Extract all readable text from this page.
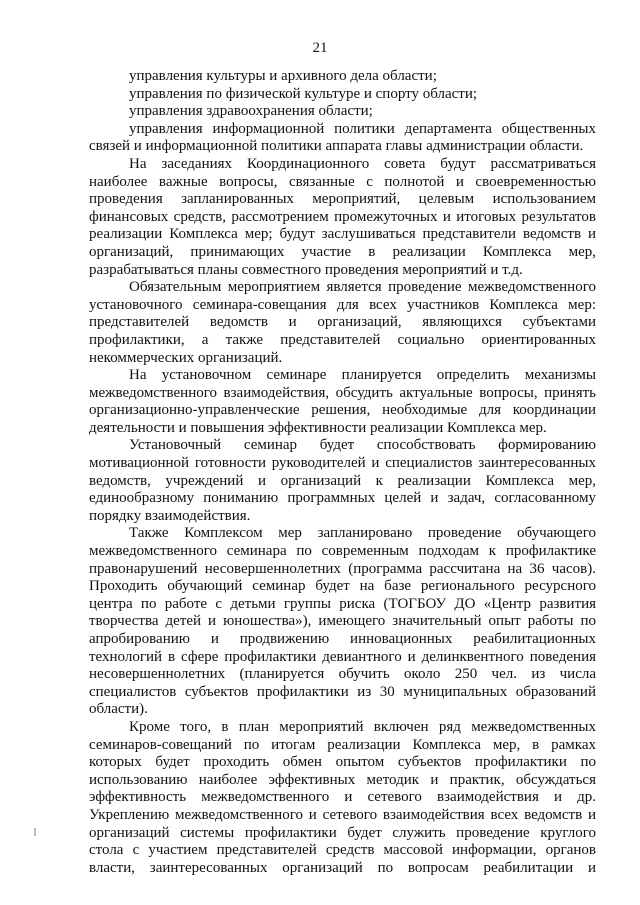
21

управления культуры и архивного дела области;

управления по физической культуре и спорту области;

управления здравоохранения области;

управления информационной политики департамента общественных

связей и информационной политики аппарата главы администрации области.

На заседаниях Координационного совета будут рассматриваться

наиболее важные вопросы, связанные с полнотой и своевременностью

проведения запланированных мероприятий, целевым использованием

финансовых средств, рассмотрением промежуточных и итоговых результатов

реализации Комплекса мер; будут заслушиваться представители ведомств и

организаций, принимающих участие в реализации Комплекса мер,

разрабатываться планы совместного проведения мероприятий и т.д.

Обязательным мероприятием является проведение межведомственного

установочного семинара-совещания для всех участников Комплекса мер:

представителей ведомств и организаций, являющихся субъектами

профилактики, а также представителей социально ориентированных

некоммерческих организаций.

На установочном семинаре планируется определить механизмы

межведомственного взаимодействия, обсудить актуальные вопросы, принять

организационно-управленческие решения, необходимые для координации

деятельности и повышения эффективности реализации Комплекса мер.

Установочный семинар будет способствовать формированию

мотивационной готовности руководителей и специалистов заинтересованных

ведомств, учреждений и организаций к реализации Комплекса мер,

единообразному пониманию программных целей и задач, согласованному

порядку взаимодействия.

Также Комплексом мер запланировано проведение обучающего

межведомственного семинара по современным подходам к профилактике

правонарушений несовершеннолетних (программа рассчитана на 36 часов).

Проходить обучающий семинар будет на базе регионального ресурсного

центра по работе с детьми группы риска (ТОГБОУ ДО «Центр развития

творчества детей и юношества»), имеющего значительный опыт работы по

апробированию и продвижению инновационных реабилитационных

технологий в сфере профилактики девиантного и делинквентного поведения

несовершеннолетних (планируется обучить около 250 чел. из числа

специалистов субъектов профилактики из 30 муниципальных образований

области).

Кроме того, в план мероприятий включен ряд межведомственных

семинаров-совещаний по итогам реализации Комплекса мер, в рамках

которых будет проходить обмен опытом субъектов профилактики по

использованию наиболее эффективных методик и практик, обсуждаться

эффективность межведомственного и сетевого взаимодействия и др.

Укреплению межведомственного и сетевого взаимодействия всех ведомств и

организаций системы профилактики будет служить проведение круглого

стола с участием представителей средств массовой информации, органов

власти, заинтересованных организаций по вопросам реабилитации и
